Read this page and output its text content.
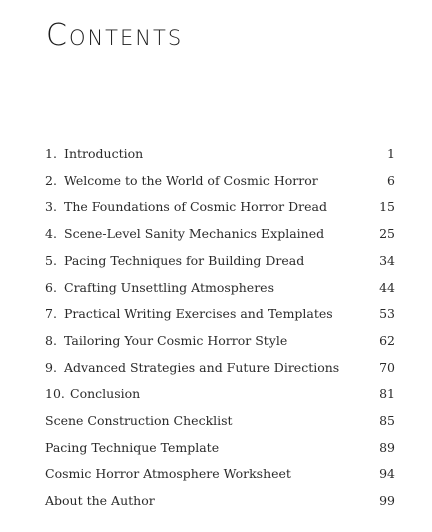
Contents
1. Introduction	1
2. Welcome to the World of Cosmic Horror	6
3. The Foundations of Cosmic Horror Dread	15
4. Scene-Level Sanity Mechanics Explained	25
5. Pacing Techniques for Building Dread	34
6. Crafting Unsettling Atmospheres	44
7. Practical Writing Exercises and Templates	53
8. Tailoring Your Cosmic Horror Style	62
9. Advanced Strategies and Future Directions	70
10. Conclusion	81
Scene Construction Checklist	85
Pacing Technique Template	89
Cosmic Horror Atmosphere Worksheet	94
About the Author	99
